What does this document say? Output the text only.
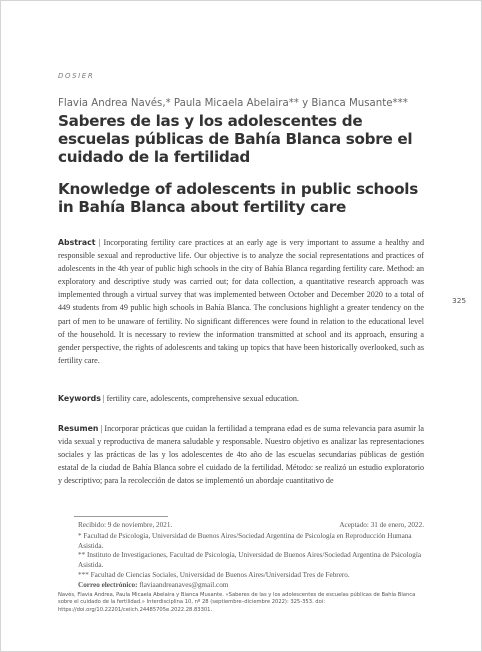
DOSIER
Flavia Andrea Navés,* Paula Micaela Abelaira** y Bianca Musante***
Saberes de las y los adolescentes de escuelas públicas de Bahía Blanca sobre el cuidado de la fertilidad
Knowledge of adolescents in public schools in Bahía Blanca about fertility care
Abstract | Incorporating fertility care practices at an early age is very important to assume a healthy and responsible sexual and reproductive life. Our objective is to analyze the social representations and practices of adolescents in the 4th year of public high schools in the city of Bahía Blanca regarding fertility care. Method: an exploratory and descriptive study was carried out; for data collection, a quantitative research approach was implemented through a virtual survey that was implemented between October and December 2020 to a total of 449 students from 49 public high schools in Bahía Blanca. The conclusions highlight a greater tendency on the part of men to be unaware of fertility. No significant differences were found in relation to the educational level of the household. It is necessary to review the information transmitted at school and its approach, ensuring a gender perspective, the rights of adolescents and taking up topics that have been historically overlooked, such as fertility care.
325
Keywords | fertility care, adolescents, comprehensive sexual education.
Resumen | Incorporar prácticas que cuidan la fertilidad a temprana edad es de suma relevancia para asumir la vida sexual y reproductiva de manera saludable y responsable. Nuestro objetivo es analizar las representaciones sociales y las prácticas de las y los adolescentes de 4to año de las escuelas secundarias públicas de gestión estatal de la ciudad de Bahía Blanca sobre el cuidado de la fertilidad. Método: se realizó un estudio exploratorio y descriptivo; para la recolección de datos se implementó un abordaje cuantitativo de
Recibido: 9 de noviembre, 2021.	Aceptado: 31 de enero, 2022.
* Facultad de Psicología, Universidad de Buenos Aires/Sociedad Argentina de Psicología en Reproducción Humana Asistida.
** Instituto de Investigaciones, Facultad de Psicología, Universidad de Buenos Aires/Sociedad Argentina de Psicología Asistida.
*** Facultad de Ciencias Sociales, Universidad de Buenos Aires/Universidad Tres de Febrero.
Correo electrónico: flaviaandreanaves@gmail.com
Navés, Flavia Andrea, Paula Micaela Abelaira y Bianca Musante. «Saberes de las y los adolescentes de escuelas públicas de Bahía Blanca sobre el cuidado de la fertilidad.» Interdisciplina 10, nº 28 (septiembre–diciembre 2022): 325-353. doi: https://doi.org/10.22201/ceiich.24485705e.2022.28.83301.
